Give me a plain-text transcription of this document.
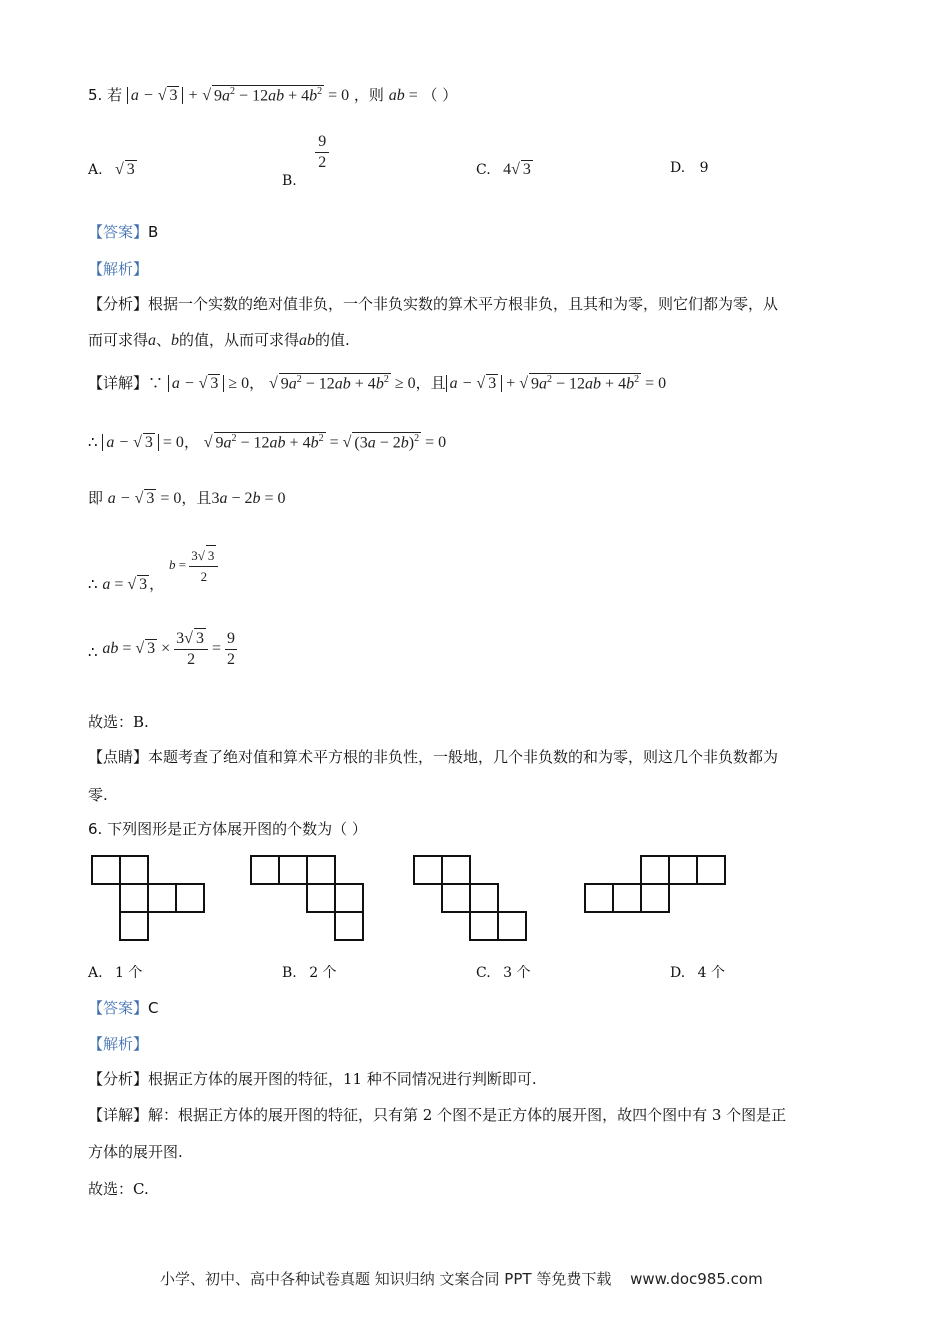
5. 若 a − √ 3 + √ $9a^2 - 12ab + 4b^2 = 0$ ，则 ab = （ ）
A.   √ 3
B.
$\frac{9}{2}$	C.   4√ 3	D. 9
【答案】B
【解析】
【分析】根据一个实数的绝对值非负，一个非负实数的算术平方根非负，且其和为零，则它们都为零，从
而可求得a、b的值，从而可求得ab的值.
【详解】∵ a − √ 3 ≥ 0， √ $9a^2 - 12ab + 4b^2 \ge 0$，且 a − √ 3 + √ $9a^2 - 12ab + 4b^2 = 0$
∴ a − √ 3 = 0， √ $9a^2 - 12ab + 4b^2$ = √ $(3a - 2b)^2 = 0$
即 a − √ 3 = 0，且3a − 2b = 0
∴ a = √ 3 ， $b = \frac{3√ 3}{2}$
∴ ab = √ $3 \times \frac{3√ 3}{2} = \frac{9}{2}$
故选：B.
【点睛】本题考查了绝对值和算术平方根的非负性，一般地，几个非负数的和为零，则这几个非负数都为
零.
6. 下列图形是正方体展开图的个数为（ ）
A. 1 个	B. 2 个	C. 3 个	D. 4 个
【答案】C
【解析】
【分析】根据正方体的展开图的特征，11 种不同情况进行判断即可.
【详解】解：根据正方体的展开图的特征，只有第 2 个图不是正方体的展开图，故四个图中有 3 个图是正
方体的展开图.
故选：C.
小学、初中、高中各种试卷真题 知识归纳 文案合同 PPT 等免费下载 www.doc985.com
